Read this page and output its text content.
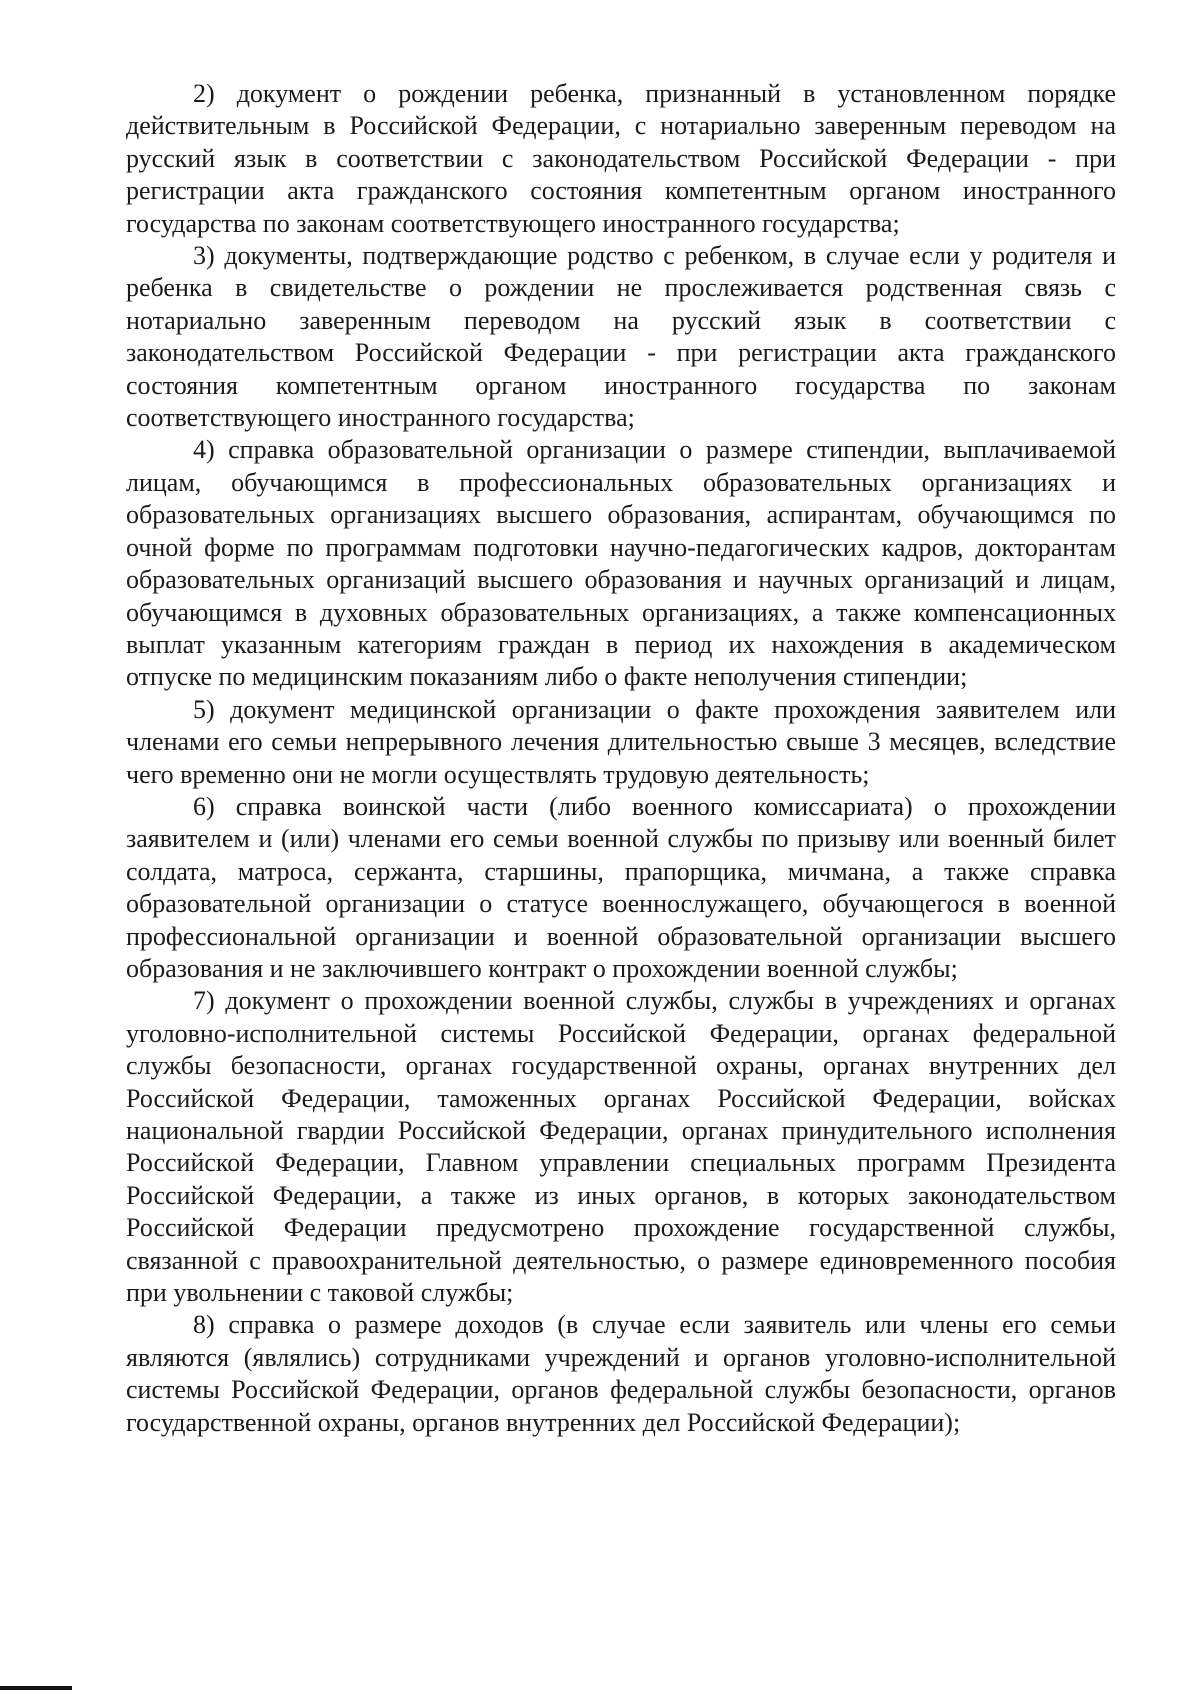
2) документ о рождении ребенка, признанный в установленном порядке действительным в Российской Федерации, с нотариально заверенным переводом на русский язык в соответствии с законодательством Российской Федерации - при регистрации акта гражданского состояния компетентным органом иностранного государства по законам соответствующего иностранного государства;

3) документы, подтверждающие родство с ребенком, в случае если у родителя и ребенка в свидетельстве о рождении не прослеживается родственная связь с нотариально заверенным переводом на русский язык в соответствии с законодательством Российской Федерации - при регистрации акта гражданского состояния компетентным органом иностранного государства по законам соответствующего иностранного государства;

4) справка образовательной организации о размере стипендии, выплачиваемой лицам, обучающимся в профессиональных образовательных организациях и образовательных организациях высшего образования, аспирантам, обучающимся по очной форме по программам подготовки научно-педагогических кадров, докторантам образовательных организаций высшего образования и научных организаций и лицам, обучающимся в духовных образовательных организациях, а также компенсационных выплат указанным категориям граждан в период их нахождения в академическом отпуске по медицинским показаниям либо о факте неполучения стипендии;

5) документ медицинской организации о факте прохождения заявителем или членами его семьи непрерывного лечения длительностью свыше 3 месяцев, вследствие чего временно они не могли осуществлять трудовую деятельность;

6) справка воинской части (либо военного комиссариата) о прохождении заявителем и (или) членами его семьи военной службы по призыву или военный билет солдата, матроса, сержанта, старшины, прапорщика, мичмана, а также справка образовательной организации о статусе военнослужащего, обучающегося в военной профессиональной организации и военной образовательной организации высшего образования и не заключившего контракт о прохождении военной службы;

7) документ о прохождении военной службы, службы в учреждениях и органах уголовно-исполнительной системы Российской Федерации, органах федеральной службы безопасности, органах государственной охраны, органах внутренних дел Российской Федерации, таможенных органах Российской Федерации, войсках национальной гвардии Российской Федерации, органах принудительного исполнения Российской Федерации, Главном управлении специальных программ Президента Российской Федерации, а также из иных органов, в которых законодательством Российской Федерации предусмотрено прохождение государственной службы, связанной с правоохранительной деятельностью, о размере единовременного пособия при увольнении с таковой службы;

8) справка о размере доходов (в случае если заявитель или члены его семьи являются (являлись) сотрудниками учреждений и органов уголовно-исполнительной системы Российской Федерации, органов федеральной службы безопасности, органов государственной охраны, органов внутренних дел Российской Федерации);
